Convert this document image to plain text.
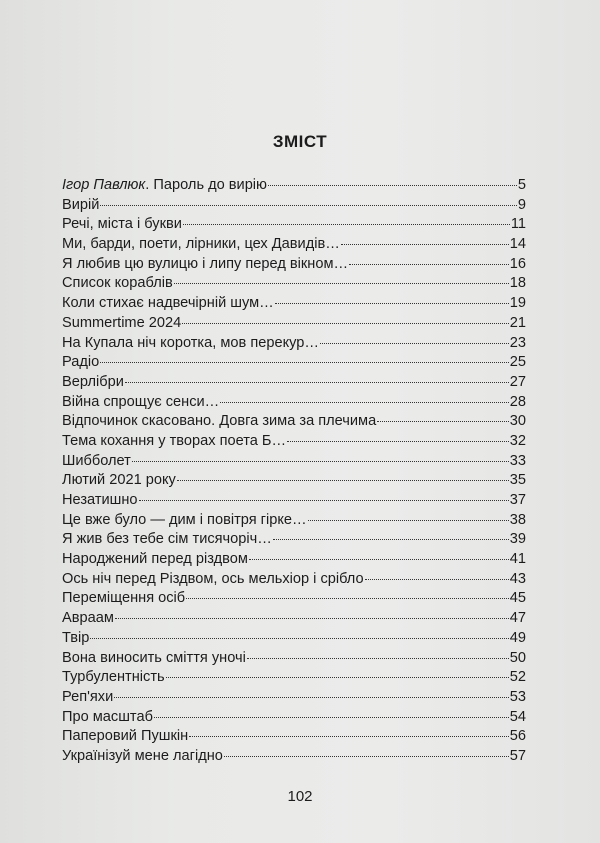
ЗМІСТ
Ігор Павлюк. Пароль до вирію	5
Вирій	9
Речі, міста і букви	11
Ми, барди, поети, лірники, цех Давидів…	14
Я любив цю вулицю і липу перед вікном…	16
Список кораблів	18
Коли стихає надвечірній шум…	19
Summertime 2024	21
На Купала ніч коротка, мов перекур…	23
Радіо	25
Верлібри	27
Війна спрощує сенси…	28
Відпочинок скасовано. Довга зима за плечима	30
Тема кохання у творах поета Б…	32
Шибболет	33
Лютий 2021 року	35
Незатишно	37
Це вже було — дим і повітря гірке…	38
Я жив без тебе сім тисячоріч…	39
Народжений перед різдвом	41
Ось ніч перед Різдвом, ось мельхіор і срібло	43
Переміщення осіб	45
Авраам	47
Твір	49
Вона виносить сміття уночі	50
Турбулентність	52
Реп'яхи	53
Про масштаб	54
Паперовий Пушкін	56
Українізуй мене лагідно	57
102
